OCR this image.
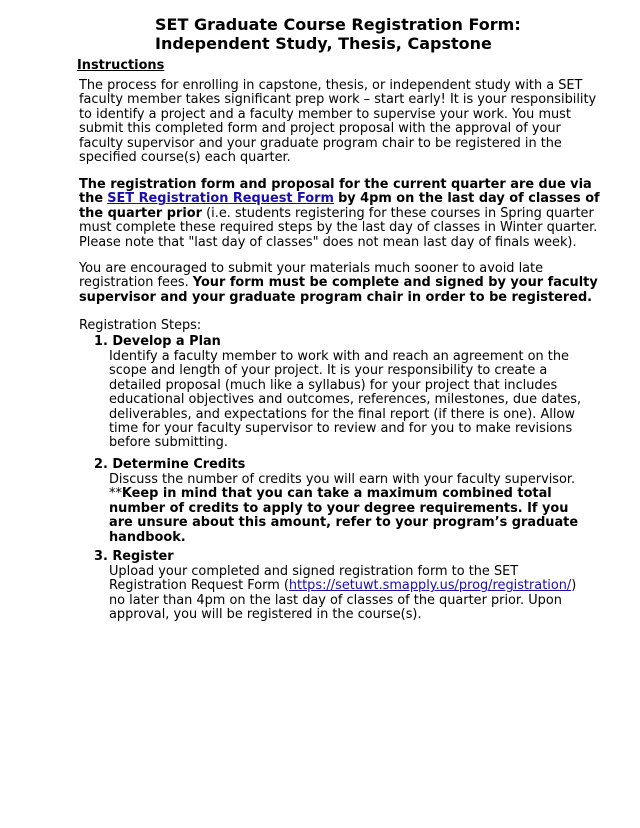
SET Graduate Course Registration Form:
Independent Study, Thesis, Capstone
Instructions
The process for enrolling in capstone, thesis, or independent study with a SET faculty member takes significant prep work – start early! It is your responsibility to identify a project and a faculty member to supervise your work. You must submit this completed form and project proposal with the approval of your faculty supervisor and your graduate program chair to be registered in the specified course(s) each quarter.
The registration form and proposal for the current quarter are due via the SET Registration Request Form by 4pm on the last day of classes of the quarter prior (i.e. students registering for these courses in Spring quarter must complete these required steps by the last day of classes in Winter quarter. Please note that "last day of classes" does not mean last day of finals week).
You are encouraged to submit your materials much sooner to avoid late registration fees. Your form must be complete and signed by your faculty supervisor and your graduate program chair in order to be registered.
Registration Steps:
1. Develop a Plan
Identify a faculty member to work with and reach an agreement on the scope and length of your project. It is your responsibility to create a detailed proposal (much like a syllabus) for your project that includes educational objectives and outcomes, references, milestones, due dates, deliverables, and expectations for the final report (if there is one). Allow time for your faculty supervisor to review and for you to make revisions before submitting.
2. Determine Credits
Discuss the number of credits you will earn with your faculty supervisor.
**Keep in mind that you can take a maximum combined total number of credits to apply to your degree requirements. If you are unsure about this amount, refer to your program’s graduate handbook.
3. Register
Upload your completed and signed registration form to the SET Registration Request Form (https://setuwt.smapply.us/prog/registration/) no later than 4pm on the last day of classes of the quarter prior. Upon approval, you will be registered in the course(s).
